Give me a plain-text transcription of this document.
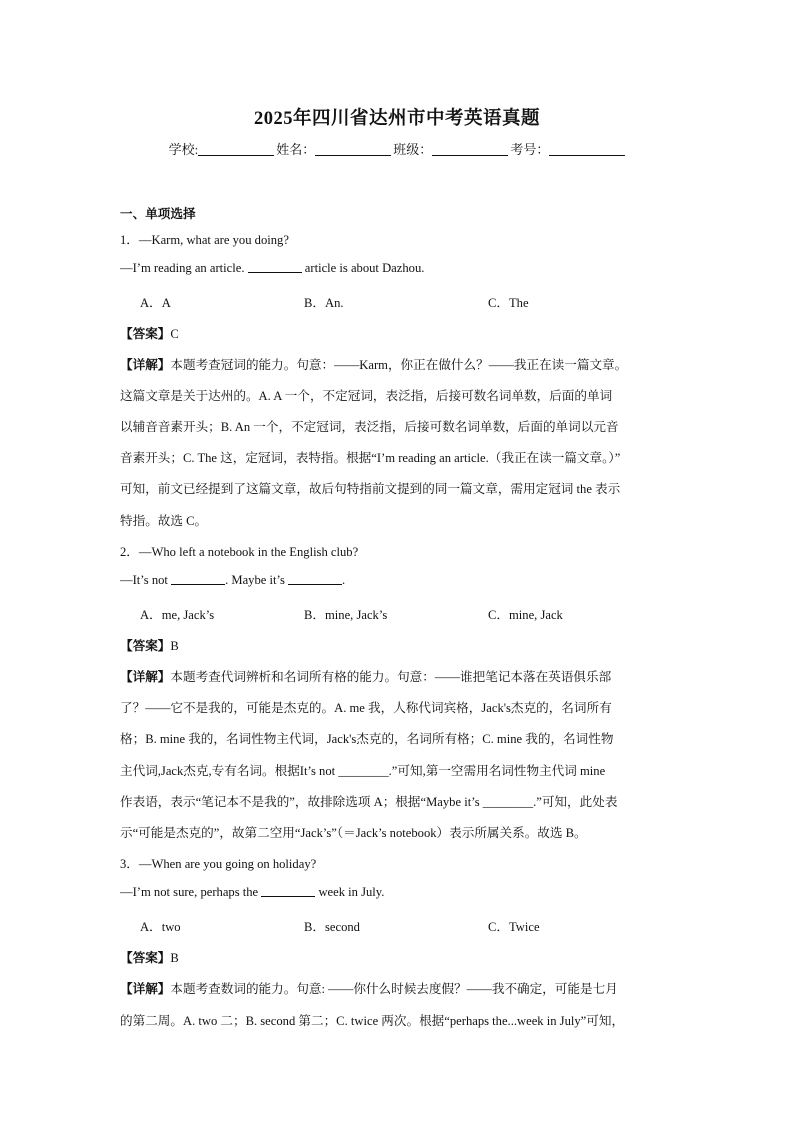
2025年四川省达州市中考英语真题
学校:	姓名：	班级：	考号：
一、单项选择
1．—Karm, what are you doing?
—I’m reading an article.	article is about Dazhou.
A．A	B．An.	C．The
【答案】C
【详解】本题考查冠词的能力。句意：——Karm，你正在做什么？——我正在读一篇文章。
这篇文章是关于达州的。A. A 一个，不定冠词，表泛指，后接可数名词单数，后面的单词
以辅音音素开头；B. An 一个，不定冠词，表泛指，后接可数名词单数，后面的单词以元音
音素开头；C. The 这，定冠词，表特指。根据“I’m reading an article.（我正在读一篇文章。）”
可知，前文已经提到了这篇文章，故后句特指前文提到的同一篇文章，需用定冠词 the 表示
特指。故选 C。
2．—Who left a notebook in the English club?
—It’s not	. Maybe it’s	.
A．me, Jack’s	B．mine, Jack’s	C．mine, Jack
【答案】B
【详解】本题考查代词辨析和名词所有格的能力。句意：——谁把笔记本落在英语俱乐部
了？——它不是我的，可能是杰克的。A. me 我，人称代词宾格，Jack's杰克的，名词所有
格；B. mine 我的，名词性物主代词，Jack's杰克的，名词所有格；C. mine 我的，名词性物
主代词,Jack杰克,专有名词。根据It’s not ________.”可知,第一空需用名词性物主代词 mine
作表语，表示“笔记本不是我的”，故排除选项 A；根据“Maybe it’s ________.”可知，此处表
示“可能是杰克的”，故第二空用“Jack’s”（＝Jack’s notebook）表示所属关系。故选 B。
3．—When are you going on holiday?
—I’m not sure, perhaps the	week in July.
A．two	B．second	C．Twice
【答案】B
【详解】本题考查数词的能力。句意: ——你什么时候去度假？——我不确定，可能是七月
的第二周。A. two 二；B. second 第二；C. twice 两次。根据“perhaps the...week in July”可知，
